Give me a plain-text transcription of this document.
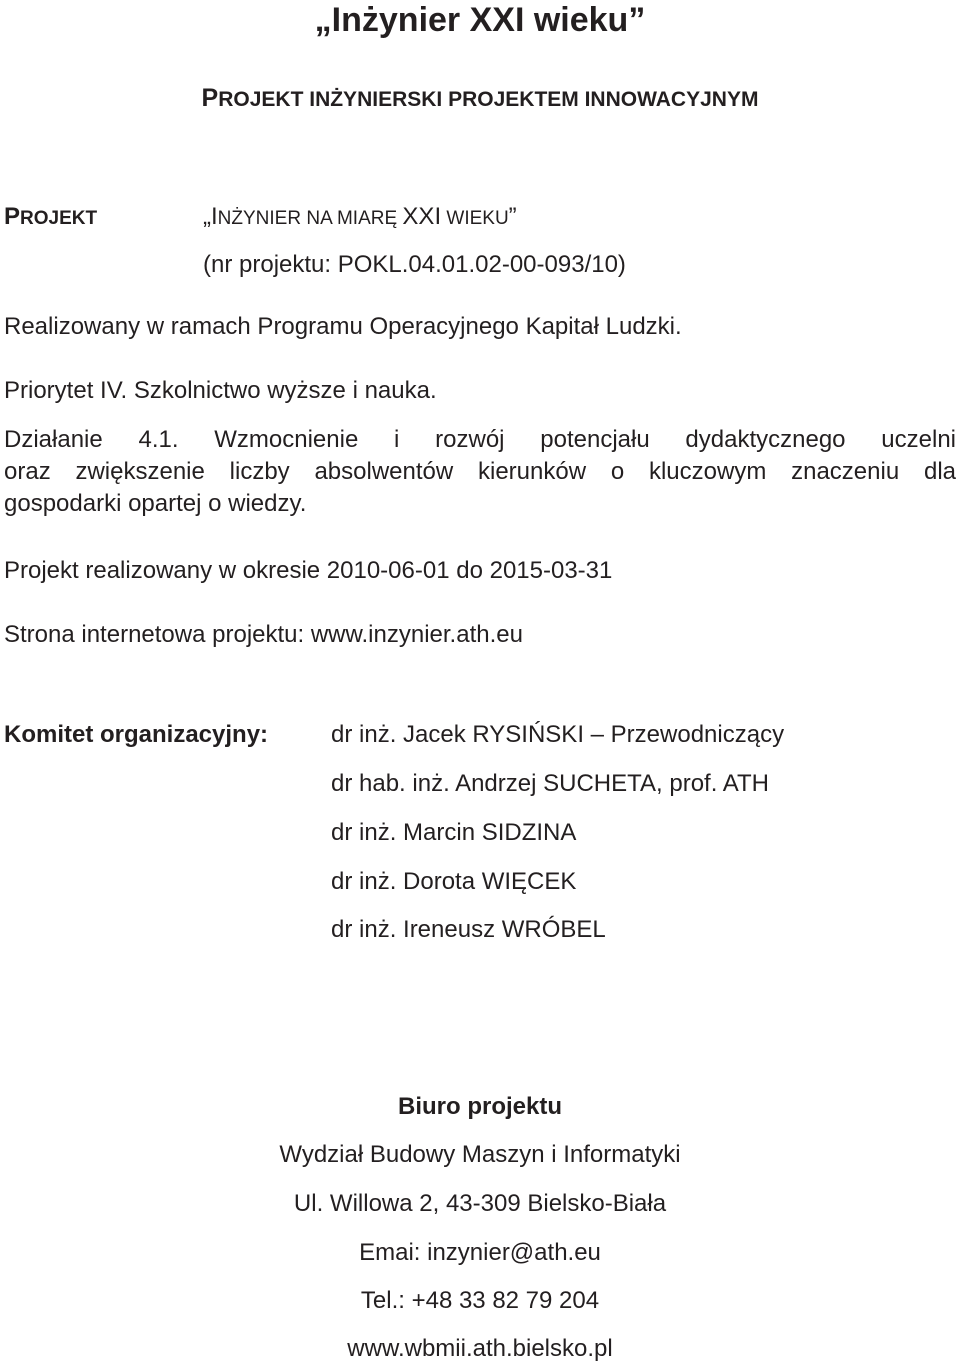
„Inżynier XXI wieku”
PROJEKT INŻYNIERSKI PROJEKTEM INNOWACYJNYM
PROJEKT	„INŻYNIER NA MIARĘ XXI WIEKU”
(nr projektu: POKL.04.01.02-00-093/10)
Realizowany w ramach Programu Operacyjnego Kapitał Ludzki.
Priorytet IV. Szkolnictwo wyższe i nauka.
Działanie 4.1. Wzmocnienie i rozwój potencjału dydaktycznego uczelni
oraz zwiększenie liczby absolwentów kierunków o kluczowym znaczeniu dla
gospodarki opartej o wiedzy.
Projekt realizowany w okresie 2010-06-01 do 2015-03-31
Strona internetowa projektu: www.inzynier.ath.eu
Komitet organizacyjny:	dr inż. Jacek RYSIŃSKI – Przewodniczący
dr hab. inż. Andrzej SUCHETA, prof. ATH
dr inż. Marcin SIDZINA
dr inż. Dorota WIĘCEK
dr inż. Ireneusz WRÓBEL
Biuro projektu
Wydział Budowy Maszyn i Informatyki
Ul. Willowa 2, 43-309 Bielsko-Biała
Emai: inzynier@ath.eu
Tel.: +48 33 82 79 204
www.wbmii.ath.bielsko.pl
